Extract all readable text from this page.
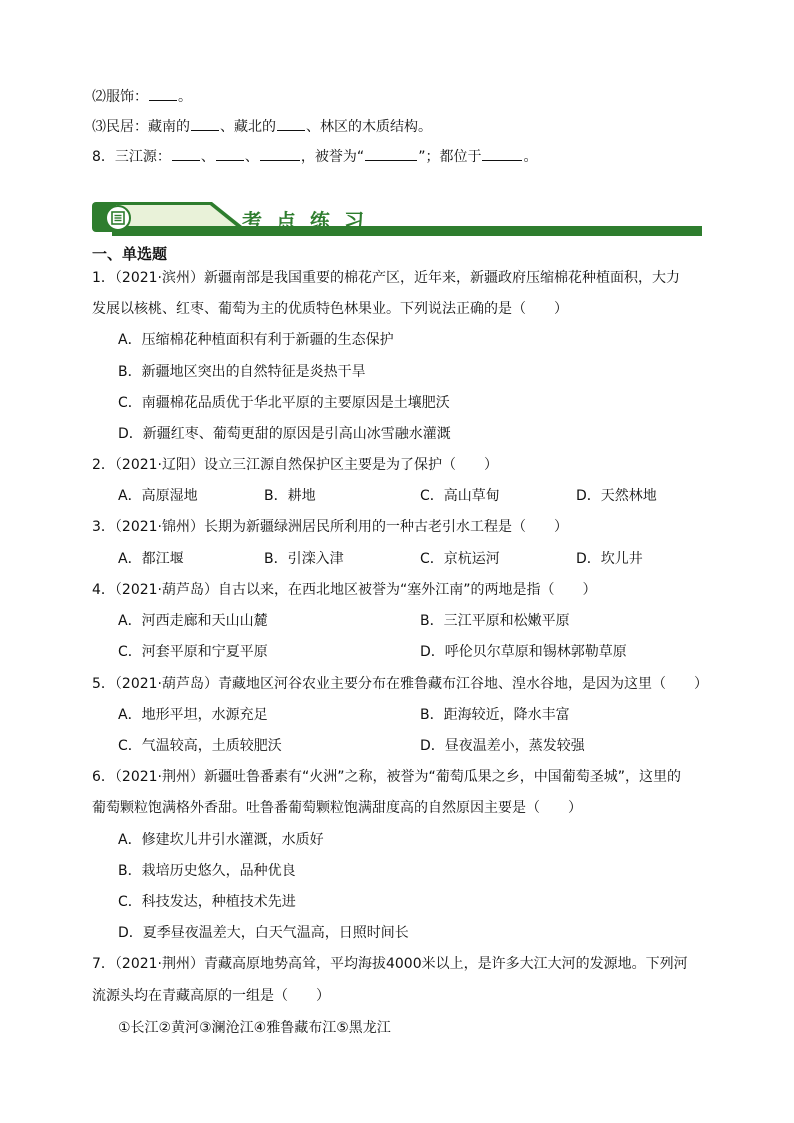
⑵服饰： 。
⑶民居：藏南的 、藏北的 、林区的木质结构。
8．三江源： 、 、	，被誉为“	”；都位于	。
考点练习
一、单选题
1．（2021·滨州）新疆南部是我国重要的棉花产区，近年来，新疆政府压缩棉花种植面积，大力
发展以核桃、红枣、葡萄为主的优质特色林果业。下列说法正确的是（　　）
A．压缩棉花种植面积有利于新疆的生态保护
B．新疆地区突出的自然特征是炎热干旱
C．南疆棉花品质优于华北平原的主要原因是土壤肥沃
D．新疆红枣、葡萄更甜的原因是引高山冰雪融水灌溉
2．（2021·辽阳）设立三江源自然保护区主要是为了保护（　　）
A．高原湿地	B．耕地	C．高山草甸	D．天然林地
3．（2021·锦州）长期为新疆绿洲居民所利用的一种古老引水工程是（　　）
A．都江堰	B．引滦入津	C．京杭运河	D．坎儿井
4．（2021·葫芦岛）自古以来，在西北地区被誉为“塞外江南”的两地是指（　　）
A．河西走廊和天山山麓	B．三江平原和松嫩平原
C．河套平原和宁夏平原	D．呼伦贝尔草原和锡林郭勒草原
5．（2021·葫芦岛）青藏地区河谷农业主要分布在雅鲁藏布江谷地、湟水谷地，是因为这里（　　）
A．地形平坦，水源充足	B．距海较近，降水丰富
C．气温较高，土质较肥沃	D．昼夜温差小，蒸发较强
6．（2021·荆州）新疆吐鲁番素有“火洲”之称，被誉为“葡萄瓜果之乡，中国葡萄圣城”，这里的
葡萄颗粒饱满格外香甜。吐鲁番葡萄颗粒饱满甜度高的自然原因主要是（　　）
A．修建坎儿井引水灌溉，水质好
B．栽培历史悠久，品种优良
C．科技发达，种植技术先进
D．夏季昼夜温差大，白天气温高，日照时间长
7．（2021·荆州）青藏高原地势高耸，平均海拔4000米以上，是许多大江大河的发源地。下列河
流源头均在青藏高原的一组是（　　）
①长江②黄河③澜沧江④雅鲁藏布江⑤黑龙江
